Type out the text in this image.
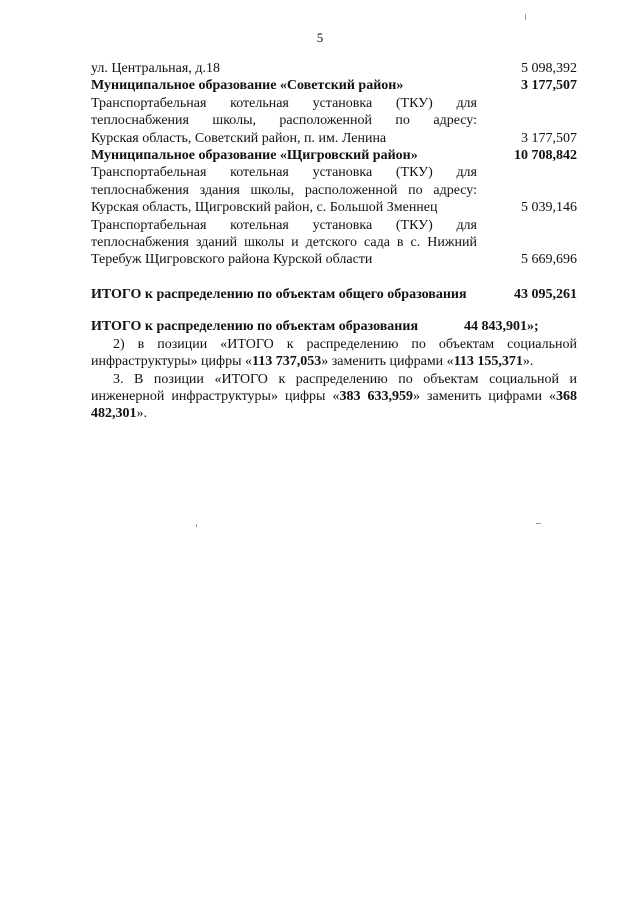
5
ул. Центральная, д.18	5 098,392
Муниципальное образование «Советский район»	3 177,507
Транспортабельная котельная установка (ТКУ) для теплоснабжения школы, расположенной по адресу:
Курская область, Советский район, п. им. Ленина	3 177,507
Муниципальное образование «Щигровский район»	10 708,842
Транспортабельная котельная установка (ТКУ) для теплоснабжения здания школы, расположенной по адресу:
Курская область, Щигровский район, с. Большой Зменнец	5 039,146
Транспортабельная котельная установка (ТКУ) для теплоснабжения зданий школы и детского сада в с. Нижний Теребуж Щигровского района Курской области	5 669,696
ИТОГО к распределению по объектам общего образования	43 095,261
ИТОГО к распределению по объектам образования	44 843,901»;
2) в позиции «ИТОГО к распределению по объектам социальной инфраструктуры» цифры «113 737,053» заменить цифрами «113 155,371».
3. В позиции «ИТОГО к распределению по объектам социальной и инженерной инфраструктуры» цифры «383 633,959» заменить цифрами «368 482,301».
